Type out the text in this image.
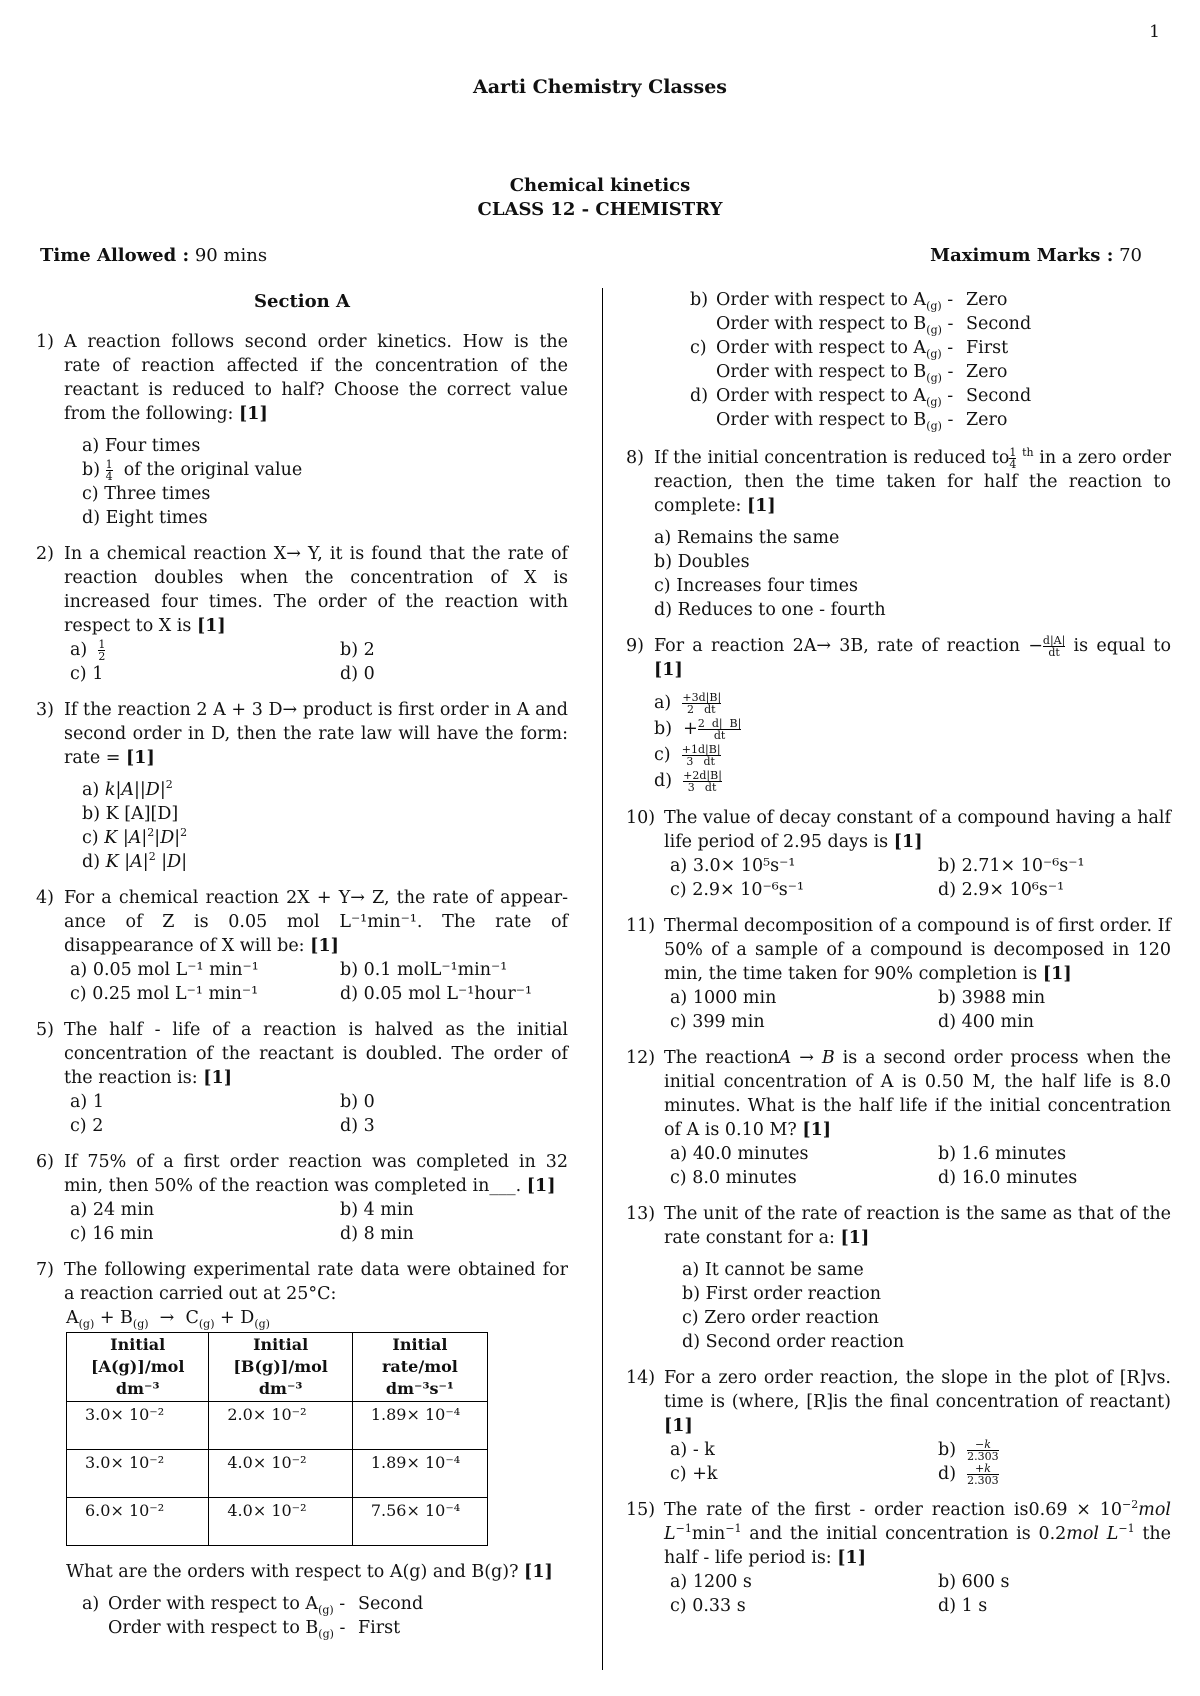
1
Aarti Chemistry Classes
Chemical kinetics
CLASS 12 - CHEMISTRY
Time Allowed : 90 mins	Maximum Marks : 70
Section A
1) A reaction follows second order kinetics. How is the rate of reaction affected if the concentration of the reactant is reduced to half? Choose the correct value from the following: [1]
a) Four times
$b) \frac{1}{4}$ of the original value
c) Three times
d) Eight times
2) In a chemical reaction X→ Y, it is found that the rate of reaction doubles when the concentration of X is increased four times. The order of the reaction with respect to X is [1]
$a) \frac{1}{2}$	b) 2
c) 1	d) 0
3) If the reaction 2 A + 3 D→ product is first order in A and second order in D, then the rate law will have the form: rate = [1]
a) $k|A||D|^2$
b) K [A][D]
c) K $|A|^2|D|^2$
d) K $|A|^2$ |D|
4) For a chemical reaction 2X + Y→ Z, the rate of appear-ance of Z is 0.05 mol L⁻¹min⁻¹. The rate of disappearance of X will be: [1]
a) 0.05 mol L⁻¹ min⁻¹	b) 0.1 molL⁻¹min⁻¹
c) 0.25 mol L⁻¹ min⁻¹	d) 0.05 mol L⁻¹hour⁻¹
5) The half - life of a reaction is halved as the initial concentration of the reactant is doubled. The order of the reaction is: [1]
a) 1	b) 0
c) 2	d) 3
6) If 75% of a first order reaction was completed in 32 min, then 50% of the reaction was completed in___. [1]
a) 24 min	b) 4 min
c) 16 min	d) 8 min
7) The following experimental rate data were obtained for a reaction carried out at 25°C:
$A_{(g)} + B_{(g)} \to C_{(g)} + D_{(g)}$
Initial [A(g)]/mol dm⁻³	Initial [B(g)]/mol dm⁻³	Initial rate/mol dm⁻³s⁻¹
3.0× 10⁻²	2.0× 10⁻²	1.89× 10⁻⁴
3.0× 10⁻²	4.0× 10⁻²	1.89× 10⁻⁴
6.0× 10⁻²	4.0× 10⁻²	7.56× 10⁻⁴
What are the orders with respect to A(g) and B(g)? [1]
a) Order with respect to $A_{(g)}$ - Second
Order with respect to $B_{(g)}$ - First
b) Order with respect to $A_{(g)}$ - Zero
Order with respect to $B_{(g)}$ - Second
c) Order with respect to $A_{(g)}$ - First
Order with respect to $B_{(g)}$ - Zero
d) Order with respect to $A_{(g)}$ - Second
Order with respect to $B_{(g)}$ - Zero
8) If the initial concentration is reduced to $\frac{1}{4} ^{th}$ in a zero order reaction, then the time taken for half the reaction to complete: [1]
a) Remains the same
b) Doubles
c) Increases four times
d) Reduces to one - fourth
9) For a reaction 2A→ 3B, rate of reaction − $\frac{d|A|}{dt}$ is equal to [1]
$a) \frac{+3}{2} \frac{d|B|}{dt}$
$b) + \frac{2 d| B|}{dt}$
$c) \frac{+1}{3} \frac{d|B|}{dt}$
$d) \frac{+2}{3} \frac{d|B|}{dt}$
10) The value of decay constant of a compound having a half life period of 2.95 days is [1]
a) 3.0× 10⁵s⁻¹	b) 2.71× 10⁻⁶s⁻¹
c) 2.9× 10⁻⁶s⁻¹	d) 2.9× 10⁶s⁻¹
11) Thermal decomposition of a compound is of first order. If 50% of a sample of a compound is decomposed in 120 min, the time taken for 90% completion is [1]
a) 1000 min	b) 3988 min
c) 399 min	d) 400 min
12) The reactionA → B is a second order process when the initial concentration of A is 0.50 M, the half life is 8.0 minutes. What is the half life if the initial concentration of A is 0.10 M? [1]
a) 40.0 minutes	b) 1.6 minutes
c) 8.0 minutes	d) 16.0 minutes
13) The unit of the rate of reaction is the same as that of the rate constant for a: [1]
a) It cannot be same
b) First order reaction
c) Zero order reaction
d) Second order reaction
14) For a zero order reaction, the slope in the plot of [R]vs. time is (where, [R]is the final concentration of reactant) [1]
a) - k	$b) \frac{-k}{2.303}$
c) +k	$d) \frac{+k}{2.303}$
15) The rate of the first - order reaction $is0.69 \times 10^{-2}mol$ $L^{-1}\min^{-1}$ and the initial concentration is 0.2mol $L^{-1}$ the half - life period is: [1]
a) 1200 s	b) 600 s
c) 0.33 s	d) 1 s
